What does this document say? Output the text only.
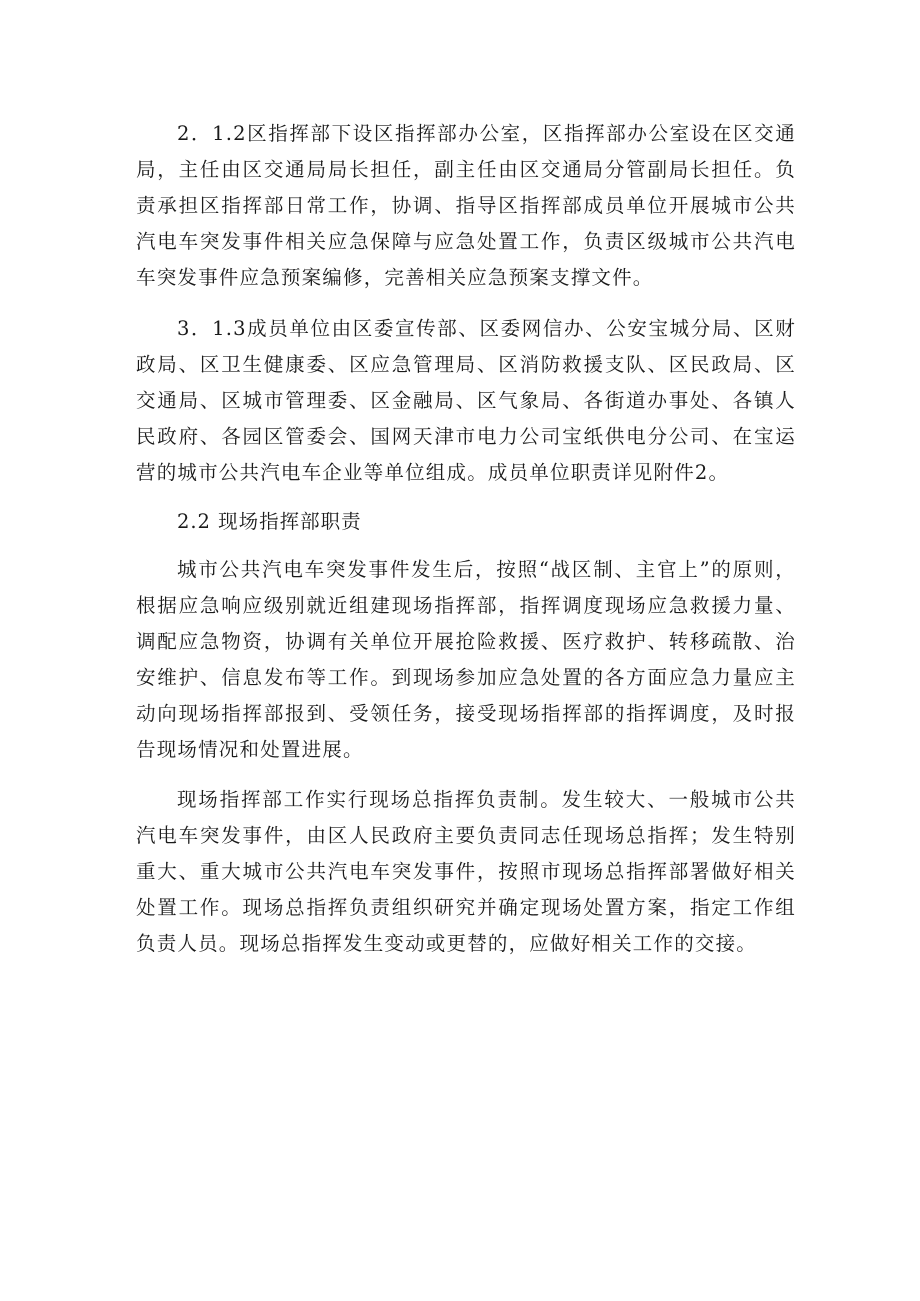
2．1.2区指挥部下设区指挥部办公室，区指挥部办公室设在区交通局，主任由区交通局局长担任，副主任由区交通局分管副局长担任。负责承担区指挥部日常工作，协调、指导区指挥部成员单位开展城市公共汽电车突发事件相关应急保障与应急处置工作，负责区级城市公共汽电车突发事件应急预案编修，完善相关应急预案支撑文件。

3．1.3成员单位由区委宣传部、区委网信办、公安宝城分局、区财政局、区卫生健康委、区应急管理局、区消防救援支队、区民政局、区交通局、区城市管理委、区金融局、区气象局、各街道办事处、各镇人民政府、各园区管委会、国网天津市电力公司宝纸供电分公司、在宝运营的城市公共汽电车企业等单位组成。成员单位职责详见附件2。

2.2 现场指挥部职责

城市公共汽电车突发事件发生后，按照“战区制、主官上”的原则，根据应急响应级别就近组建现场指挥部，指挥调度现场应急救援力量、调配应急物资，协调有关单位开展抢险救援、医疗救护、转移疏散、治安维护、信息发布等工作。到现场参加应急处置的各方面应急力量应主动向现场指挥部报到、受领任务，接受现场指挥部的指挥调度，及时报告现场情况和处置进展。

现场指挥部工作实行现场总指挥负责制。发生较大、一般城市公共汽电车突发事件，由区人民政府主要负责同志任现场总指挥；发生特别重大、重大城市公共汽电车突发事件，按照市现场总指挥部署做好相关处置工作。现场总指挥负责组织研究并确定现场处置方案，指定工作组负责人员。现场总指挥发生变动或更替的，应做好相关工作的交接。
